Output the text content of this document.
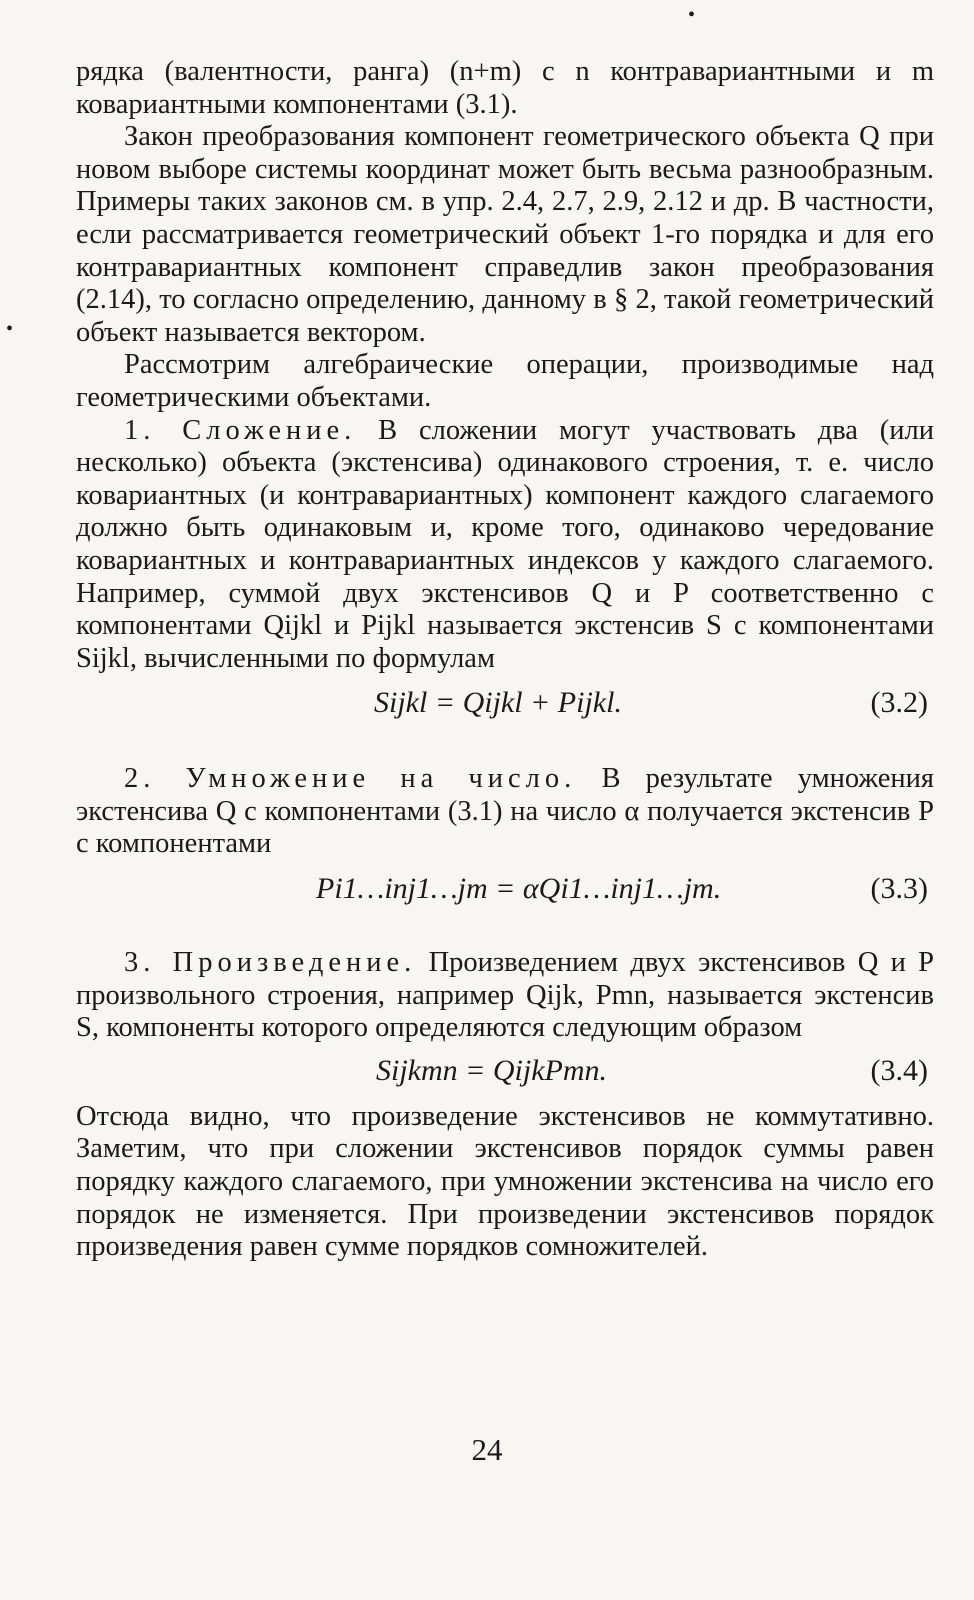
•
•

рядка (валентности, ранга) (n+m) с n контравариантными и m ковариантными компонентами (3.1).

Закон преобразования компонент геометрического объекта Q при новом выборе системы координат может быть весьма разнообразным. Примеры таких законов см. в упр. 2.4, 2.7, 2.9, 2.12 и др. В частности, если рассматривается геометрический объект 1-го порядка и для его контравариантных компонент справедлив закон преобразования (2.14), то согласно определению, данному в § 2, такой геометрический объект называется вектором.

Рассмотрим алгебраические операции, производимые над геометрическими объектами.

1. Сложение. В сложении могут участвовать два (или несколько) объекта (экстенсива) одинакового строения, т. е. число ковариантных (и контравариантных) компонент каждого слагаемого должно быть одинаковым и, кроме того, одинаково чередование ковариантных и контравариантных индексов у каждого слагаемого. Например, суммой двух экстенсивов Q и P соответственно с компонентами Qijkl и Pijkl называется экстенсив S с компонентами Sijkl, вычисленными по формулам

Sijkl = Qijkl + Pijkl.	(3.2)

2. Умножение на число. В результате умножения экстенсива Q с компонентами (3.1) на число α получается экстенсив P с компонентами

Pi1…inj1…jm = αQi1…inj1…jm.	(3.3)

3. Произведение. Произведением двух экстенсивов Q и P произвольного строения, например Qijk, Pmn, называется экстенсив S, компоненты которого определяются следующим образом

Sijkmn = QijkPmn.	(3.4)

Отсюда видно, что произведение экстенсивов не коммутативно. Заметим, что при сложении экстенсивов порядок суммы равен порядку каждого слагаемого, при умножении экстенсива на число его порядок не изменяется. При произведении экстенсивов порядок произведения равен сумме порядков сомножителей.

24
